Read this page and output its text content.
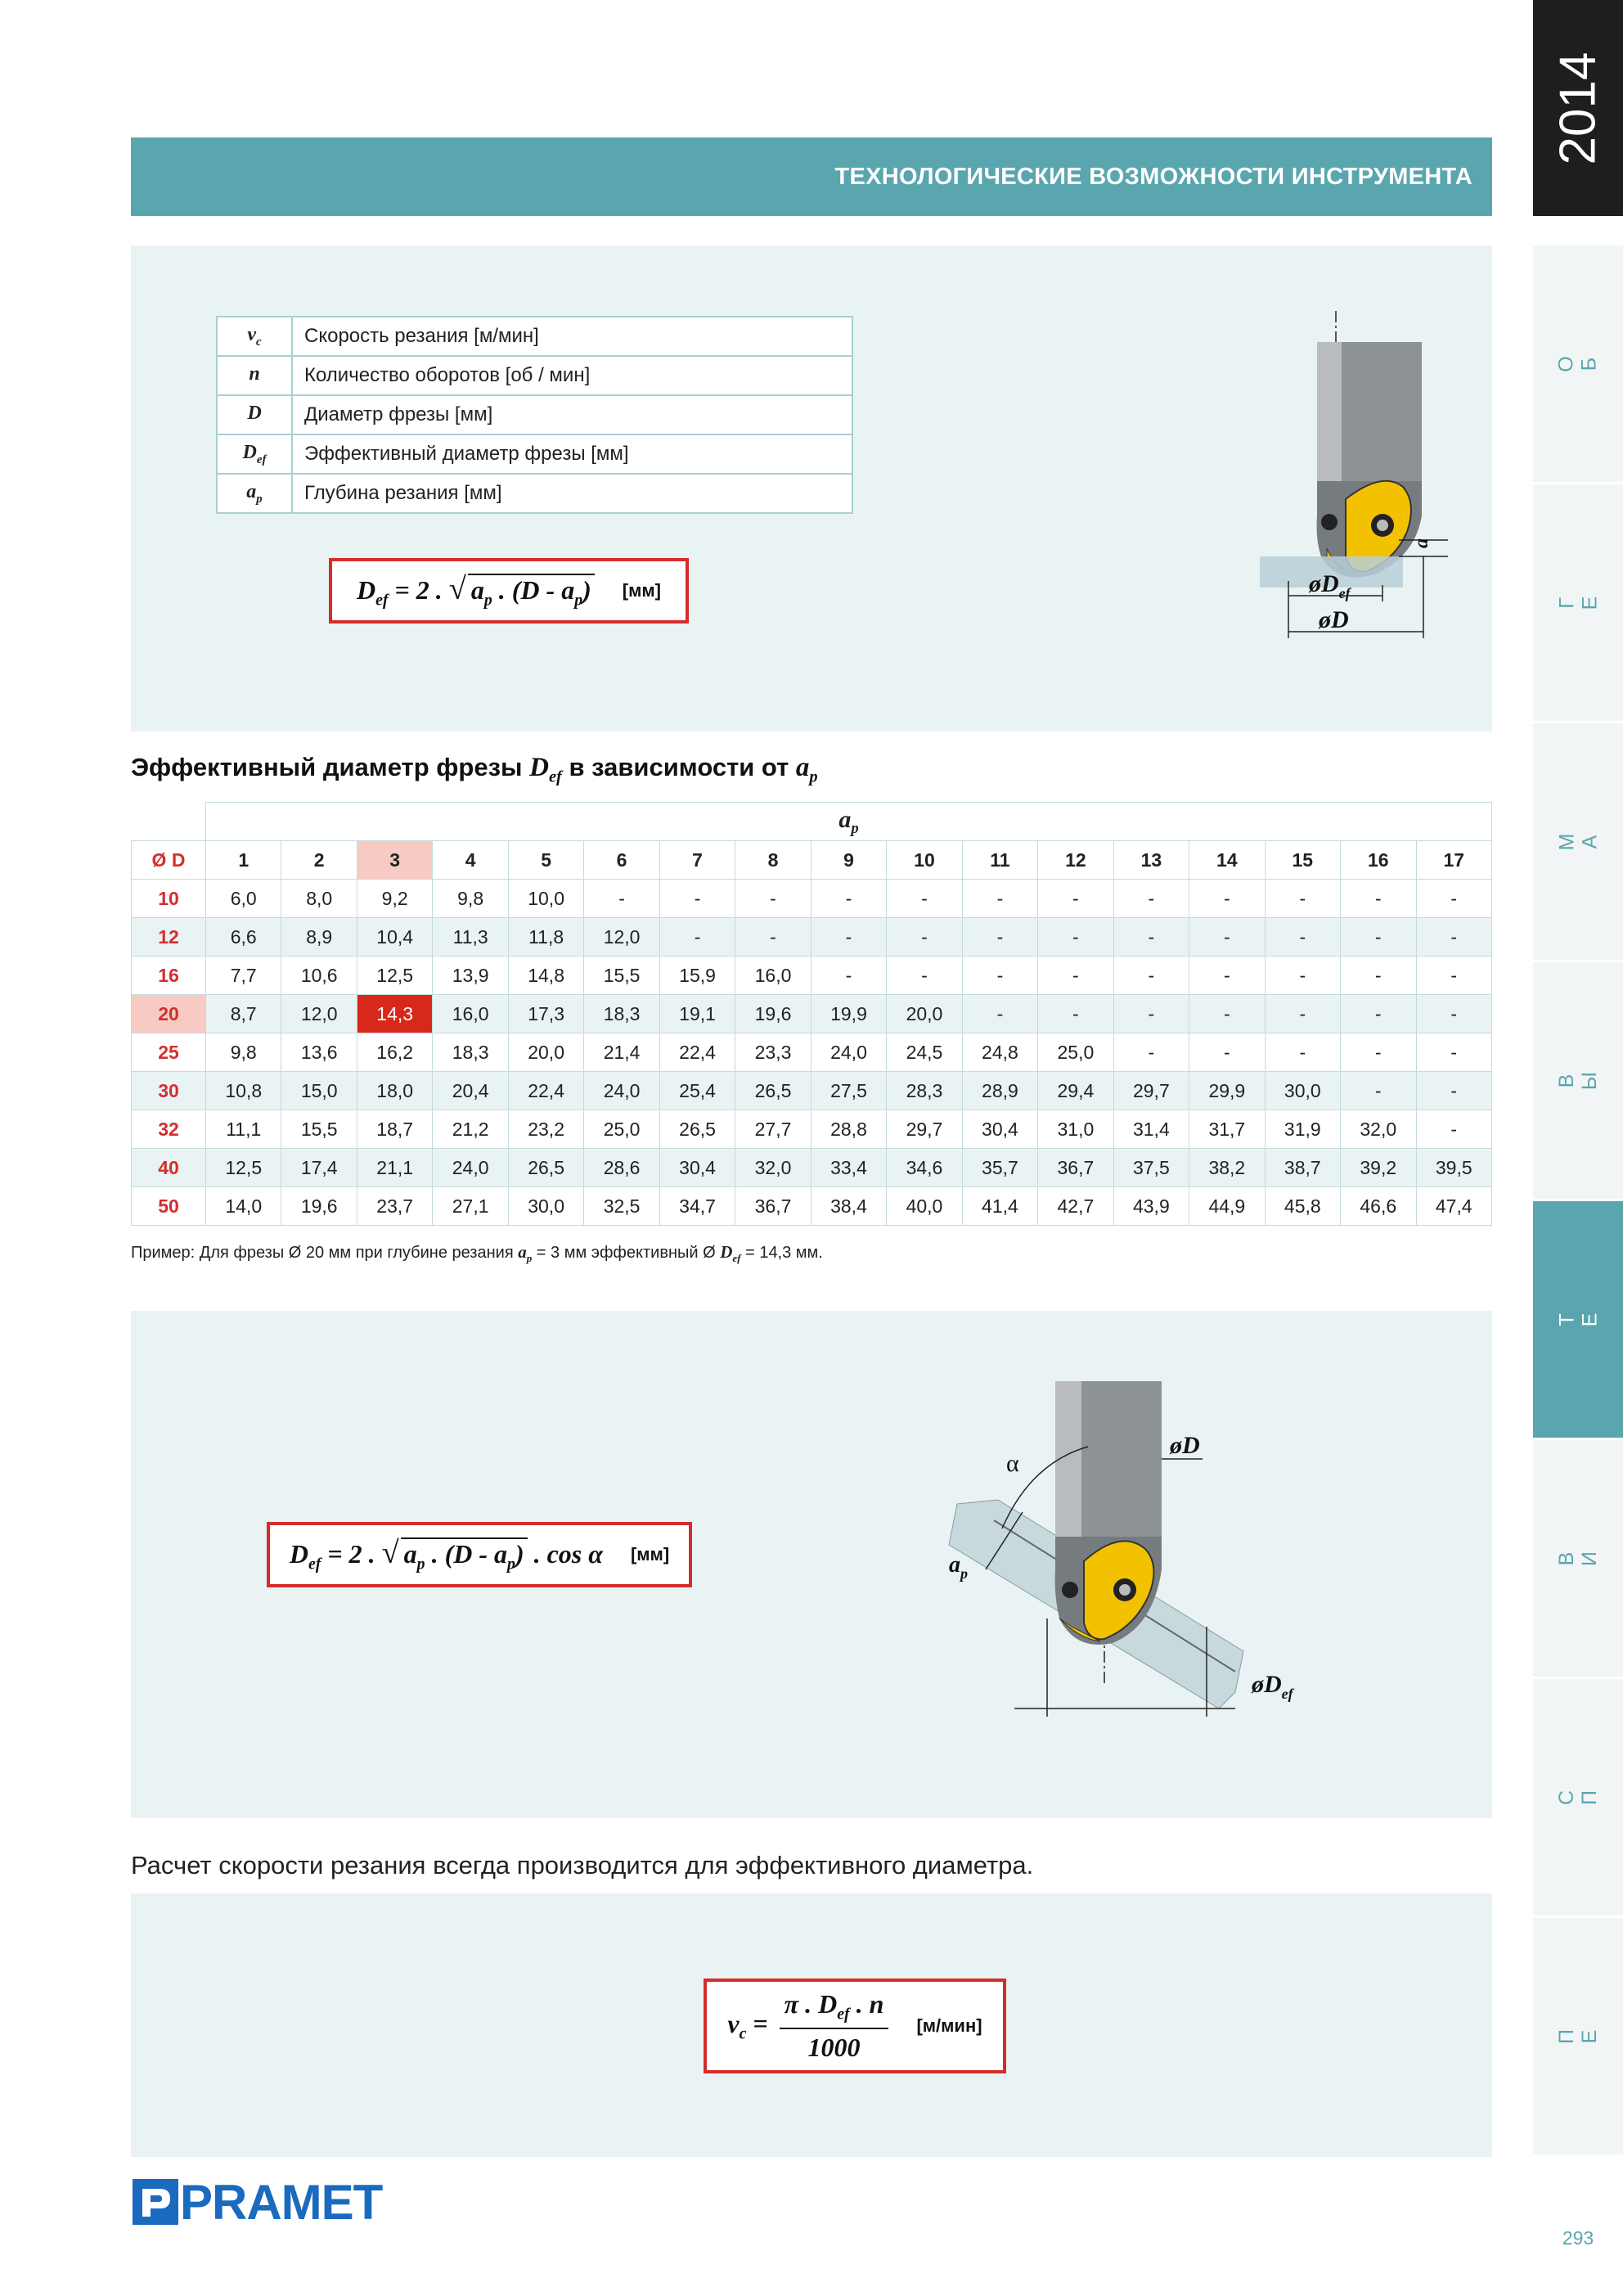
ТЕХНОЛОГИЧЕСКИЕ ВОЗМОЖНОСТИ ИНСТРУМЕНТА
2014
О Б
Г Е
М А
В Ы
Т Е
В И
С П
П Е
293
$v_c$	Скорость резания [м/мин]
n	Количество оборотов [об / мин]
D	Диаметр фрезы [мм]
$D_{ef}$	Эффективный диаметр фрезы [мм]
$a_p$	Глубина резания [мм]
$D_{ef} = 2$ . √ $a_p$ . $(D - a_p)$ [мм]
a
$øD_{ef}$
øD
Эффективный диаметр фрезы $D_{ef}$ в зависимости от $a_p$
	$a_p$
Ø D	1	2	3	4	5	6	7	8	9	10	11	12	13	14	15	16	17
10	6,0	8,0	9,2	9,8	10,0	-	-	-	-	-	-	-	-	-	-	-	-
12	6,6	8,9	10,4	11,3	11,8	12,0	-	-	-	-	-	-	-	-	-	-	-
16	7,7	10,6	12,5	13,9	14,8	15,5	15,9	16,0	-	-	-	-	-	-	-	-	-
20	8,7	12,0	14,3	16,0	17,3	18,3	19,1	19,6	19,9	20,0	-	-	-	-	-	-	-
25	9,8	13,6	16,2	18,3	20,0	21,4	22,4	23,3	24,0	24,5	24,8	25,0	-	-	-	-	-
30	10,8	15,0	18,0	20,4	22,4	24,0	25,4	26,5	27,5	28,3	28,9	29,4	29,7	29,9	30,0	-	-
32	11,1	15,5	18,7	21,2	23,2	25,0	26,5	27,7	28,8	29,7	30,4	31,0	31,4	31,7	31,9	32,0	-
40	12,5	17,4	21,1	24,0	26,5	28,6	30,4	32,0	33,4	34,6	35,7	36,7	37,5	38,2	38,7	39,2	39,5
50	14,0	19,6	23,7	27,1	30,0	32,5	34,7	36,7	38,4	40,0	41,4	42,7	43,9	44,9	45,8	46,6	47,4
Пример: Для фрезы Ø 20 мм при глубине резания $a_p = 3$ мм эффективный Ø $D_{ef} = 14,3$ мм.
$D_{ef} = 2$ . √ $a_p$ . $(D - a_p)$ . cos α [мм]
α
øD
$a_p$
$øD_{ef}$
Расчет скорости резания всегда производится для эффективного диаметра.
$v_c$ =
π . $D_{ef}$ . n
1000
[м/мин]
PRAMET
